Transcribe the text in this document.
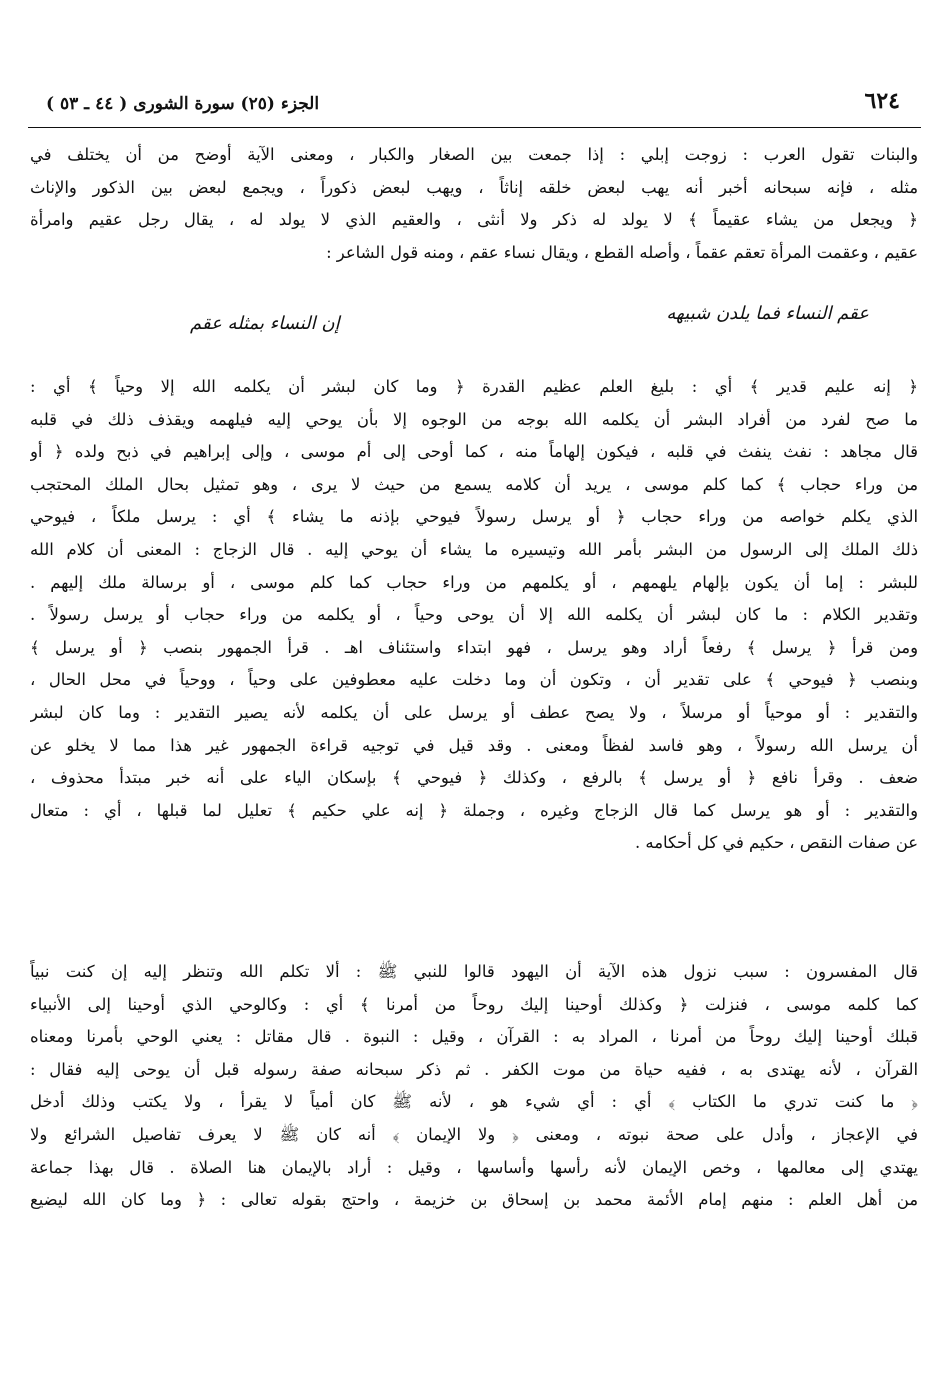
٦٢٤
الجزء (٢٥) سورة الشورى ( ٤٤ ـ ٥٣ )
والبنات تقول العرب : زوجت إبلي : إذا جمعت بين الصغار والكبار ، ومعنى الآية أوضح من أن يختلف في
مثله ، فإنه سبحانه أخبر أنه يهب لبعض خلقه إناثاً ، ويهب لبعض ذكوراً ، ويجمع لبعض بين الذكور والإناث
﴿ ويجعل من يشاء عقيماً ﴾ لا يولد له ذكر ولا أنثى ، والعقيم الذي لا يولد له ، يقال رجل عقيم وامرأة
عقيم ، وعقمت المرأة تعقم عقماً ، وأصله القطع ، ويقال نساء عقم ، ومنه قول الشاعر :
عقم النساء فما يلدن شبيهه
إن النساء بمثله عقم
﴿ إنه عليم قدير ﴾ أي : بليغ العلم عظيم القدرة ﴿ وما كان لبشر أن يكلمه الله إلا وحياً ﴾ أي :
ما صح لفرد من أفراد البشر أن يكلمه الله بوجه من الوجوه إلا بأن يوحي إليه فيلهمه ويقذف ذلك في قلبه
قال مجاهد : نفث ينفث في قلبه ، فيكون إلهاماً منه ، كما أوحى إلى أم موسى ، وإلى إبراهيم في ذبح ولده ﴿ أو
من وراء حجاب ﴾ كما كلم موسى ، يريد أن كلامه يسمع من حيث لا يرى ، وهو تمثيل بحال الملك المحتجب
الذي يكلم خواصه من وراء حجاب ﴿ أو يرسل رسولاً فيوحي بإذنه ما يشاء ﴾ أي : يرسل ملكاً ، فيوحي
ذلك الملك إلى الرسول من البشر بأمر الله وتيسيره ما يشاء أن يوحي إليه . قال الزجاج : المعنى أن كلام الله
للبشر : إما أن يكون بإلهام يلهمهم ، أو يكلمهم من وراء حجاب كما كلم موسى ، أو برسالة ملك إليهم .
وتقدير الكلام : ما كان لبشر أن يكلمه الله إلا أن يوحى وحياً ، أو يكلمه من وراء حجاب أو يرسل رسولاً .
ومن قرأ ﴿ يرسل ﴾ رفعاً أراد وهو يرسل ، فهو ابتداء واستئناف اهـ . قرأ الجمهور بنصب ﴿ أو يرسل ﴾
وبنصب ﴿ فيوحي ﴾ على تقدير أن ، وتكون أن وما دخلت عليه معطوفين على وحياً ، ووحياً في محل الحال ،
والتقدير : أو موحياً أو مرسلاً ، ولا يصح عطف أو يرسل على أن يكلمه لأنه يصير التقدير : وما كان لبشر
أن يرسل الله رسولاً ، وهو فاسد لفظاً ومعنى . وقد قيل في توجيه قراءة الجمهور غير هذا مما لا يخلو عن
ضعف . وقرأ نافع ﴿ أو يرسل ﴾ بالرفع ، وكذلك ﴿ فيوحي ﴾ بإسكان الياء على أنه خبر مبتدأ محذوف ،
والتقدير : أو هو يرسل كما قال الزجاج وغيره ، وجملة ﴿ إنه علي حكيم ﴾ تعليل لما قبلها ، أي : متعال
عن صفات النقص ، حكيم في كل أحكامه .
قال المفسرون : سبب نزول هذه الآية أن اليهود قالوا للنبي ﷺ : ألا تكلم الله وتنظر إليه إن كنت نبياً
كما كلمه موسى ، فنزلت ﴿ وكذلك أوحينا إليك روحاً من أمرنا ﴾ أي : وكالوحي الذي أوحينا إلى الأنبياء
قبلك أوحينا إليك روحاً من أمرنا ، المراد به : القرآن ، وقيل : النبوة . قال مقاتل : يعني الوحي بأمرنا ومعناه
القرآن ، لأنه يهتدى به ، ففيه حياة من موت الكفر . ثم ذكر سبحانه صفة رسوله قبل أن يوحى إليه فقال :
﴿ ما كنت تدري ما الكتاب ﴾ أي : أي شيء هو ، لأنه ﷺ كان أمياً لا يقرأ ، ولا يكتب وذلك أدخل
في الإعجاز ، وأدل على صحة نبوته ، ومعنى ﴿ ولا الإيمان ﴾ أنه كان ﷺ لا يعرف تفاصيل الشرائع ولا
يهتدي إلى معالمها ، وخص الإيمان لأنه رأسها وأساسها ، وقيل : أراد بالإيمان هنا الصلاة . قال بهذا جماعة
من أهل العلم : منهم إمام الأئمة محمد بن إسحاق بن خزيمة ، واحتج بقوله تعالى : ﴿ وما كان الله ليضيع
